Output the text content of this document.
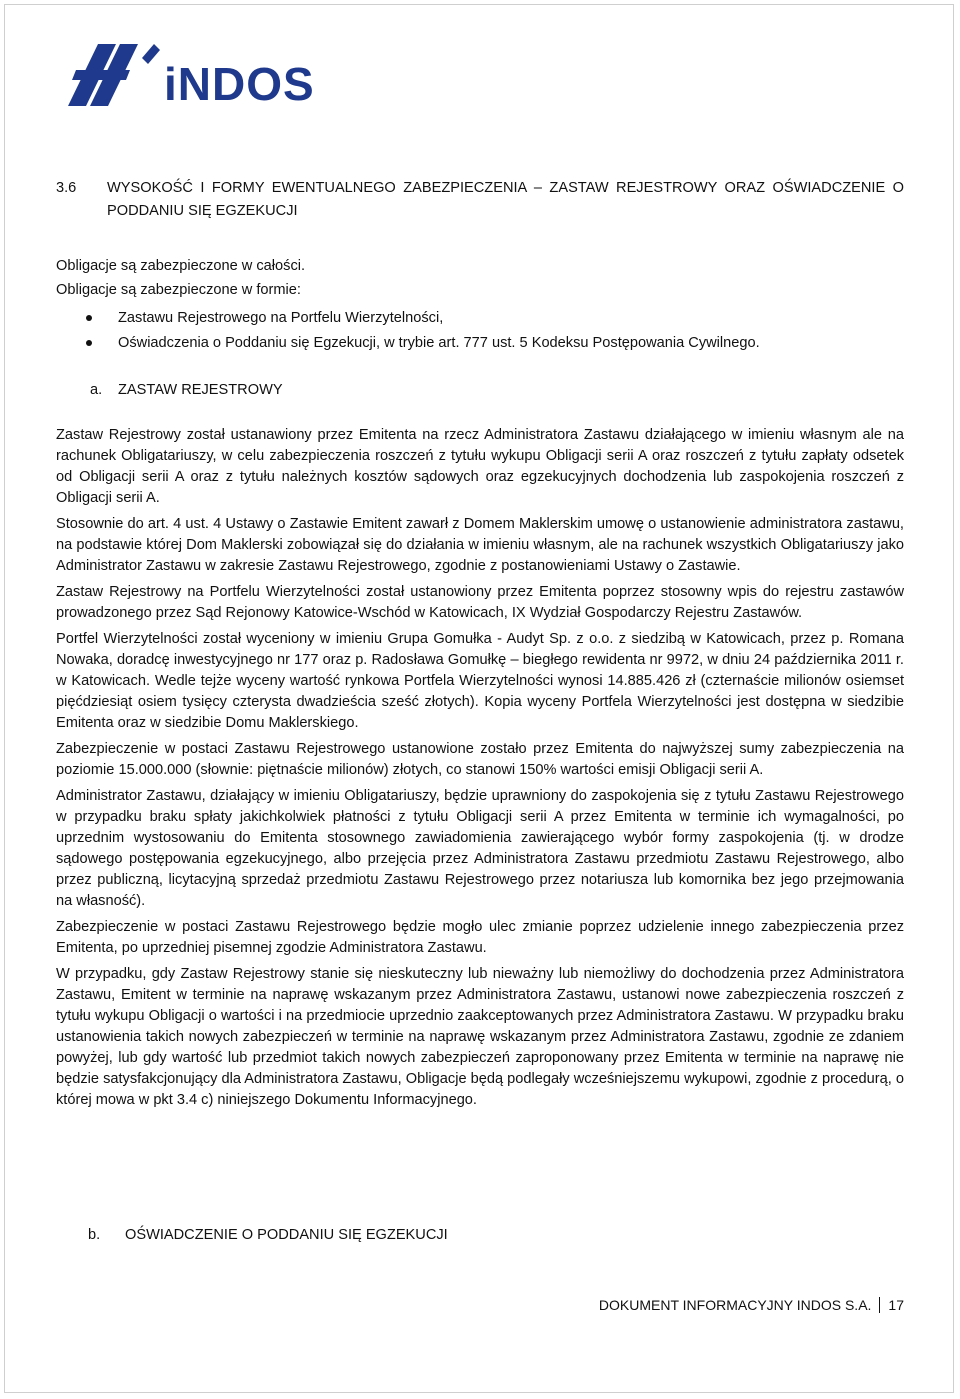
iNDOS
3.6	WYSOKOŚĆ I FORMY EWENTUALNEGO ZABEZPIECZENIA – ZASTAW REJESTROWY ORAZ OŚWIADCZENIE O PODDANIU SIĘ EGZEKUCJI
Obligacje są zabezpieczone w całości.
Obligacje są zabezpieczone w formie:
Zastawu Rejestrowego na Portfelu Wierzytelności,
Oświadczenia o Poddaniu się Egzekucji, w trybie art. 777 ust. 5 Kodeksu Postępowania Cywilnego.
a. ZASTAW REJESTROWY

Zastaw Rejestrowy został ustanawiony przez Emitenta na rzecz Administratora Zastawu działającego w imieniu własnym ale na rachunek Obligatariuszy, w celu zabezpieczenia roszczeń z tytułu wykupu Obligacji serii A oraz roszczeń z tytułu zapłaty odsetek od Obligacji serii A oraz z tytułu należnych kosztów sądowych oraz egzekucyjnych dochodzenia lub zaspokojenia roszczeń z Obligacji serii A.

Stosownie do art. 4 ust. 4 Ustawy o Zastawie Emitent zawarł z Domem Maklerskim umowę o ustanowienie administratora zastawu, na podstawie której Dom Maklerski zobowiązał się do działania w imieniu własnym, ale na rachunek wszystkich Obligatariuszy jako Administrator Zastawu w zakresie Zastawu Rejestrowego, zgodnie z postanowieniami Ustawy o Zastawie.

Zastaw Rejestrowy na Portfelu Wierzytelności został ustanowiony przez Emitenta poprzez stosowny wpis do rejestru zastawów prowadzonego przez Sąd Rejonowy Katowice-Wschód w Katowicach, IX Wydział Gospodarczy Rejestru Zastawów.

Portfel Wierzytelności został wyceniony w imieniu Grupa Gomułka - Audyt Sp. z o.o. z siedzibą w Katowicach, przez p. Romana Nowaka, doradcę inwestycyjnego nr 177 oraz p. Radosława Gomułkę – biegłego rewidenta nr 9972, w dniu 24 października 2011 r. w Katowicach. Wedle tejże wyceny wartość rynkowa Portfela Wierzytelności wynosi 14.885.426 zł (czternaście milionów osiemset pięćdziesiąt osiem tysięcy czterysta dwadzieścia sześć złotych). Kopia wyceny Portfela Wierzytelności jest dostępna w siedzibie Emitenta oraz w siedzibie Domu Maklerskiego.

Zabezpieczenie w postaci Zastawu Rejestrowego ustanowione zostało przez Emitenta do najwyższej sumy zabezpieczenia na poziomie 15.000.000 (słownie: piętnaście milionów) złotych, co stanowi 150% wartości emisji Obligacji serii A.

Administrator Zastawu, działający w imieniu Obligatariuszy, będzie uprawniony do zaspokojenia się z tytułu Zastawu Rejestrowego w przypadku braku spłaty jakichkolwiek płatności z tytułu Obligacji serii A przez Emitenta w terminie ich wymagalności, po uprzednim wystosowaniu do Emitenta stosownego zawiadomienia zawierającego wybór formy zaspokojenia (tj. w drodze sądowego postępowania egzekucyjnego, albo przejęcia przez Administratora Zastawu przedmiotu Zastawu Rejestrowego, albo przez publiczną, licytacyjną sprzedaż przedmiotu Zastawu Rejestrowego przez notariusza lub komornika bez jego przejmowania na własność).

Zabezpieczenie w postaci Zastawu Rejestrowego będzie mogło ulec zmianie poprzez udzielenie innego zabezpieczenia przez Emitenta, po uprzedniej pisemnej zgodzie Administratora Zastawu.

W przypadku, gdy Zastaw Rejestrowy stanie się nieskuteczny lub nieważny lub niemożliwy do dochodzenia przez Administratora Zastawu, Emitent w terminie na naprawę wskazanym przez Administratora Zastawu, ustanowi nowe zabezpieczenia roszczeń z tytułu wykupu Obligacji o wartości i na przedmiocie uprzednio zaakceptowanych przez Administratora Zastawu. W przypadku braku ustanowienia takich nowych zabezpieczeń w terminie na naprawę wskazanym przez Administratora Zastawu, zgodnie ze zdaniem powyżej, lub gdy wartość lub przedmiot takich nowych zabezpieczeń zaproponowany przez Emitenta w terminie na naprawę nie będzie satysfakcjonujący dla Administratora Zastawu, Obligacje będą podlegały wcześniejszemu wykupowi, zgodnie z procedurą, o której mowa w pkt 3.4 c) niniejszego Dokumentu Informacyjnego.

b. OŚWIADCZENIE O PODDANIU SIĘ EGZEKUCJI
DOKUMENT INFORMACYJNY INDOS S.A. 17
